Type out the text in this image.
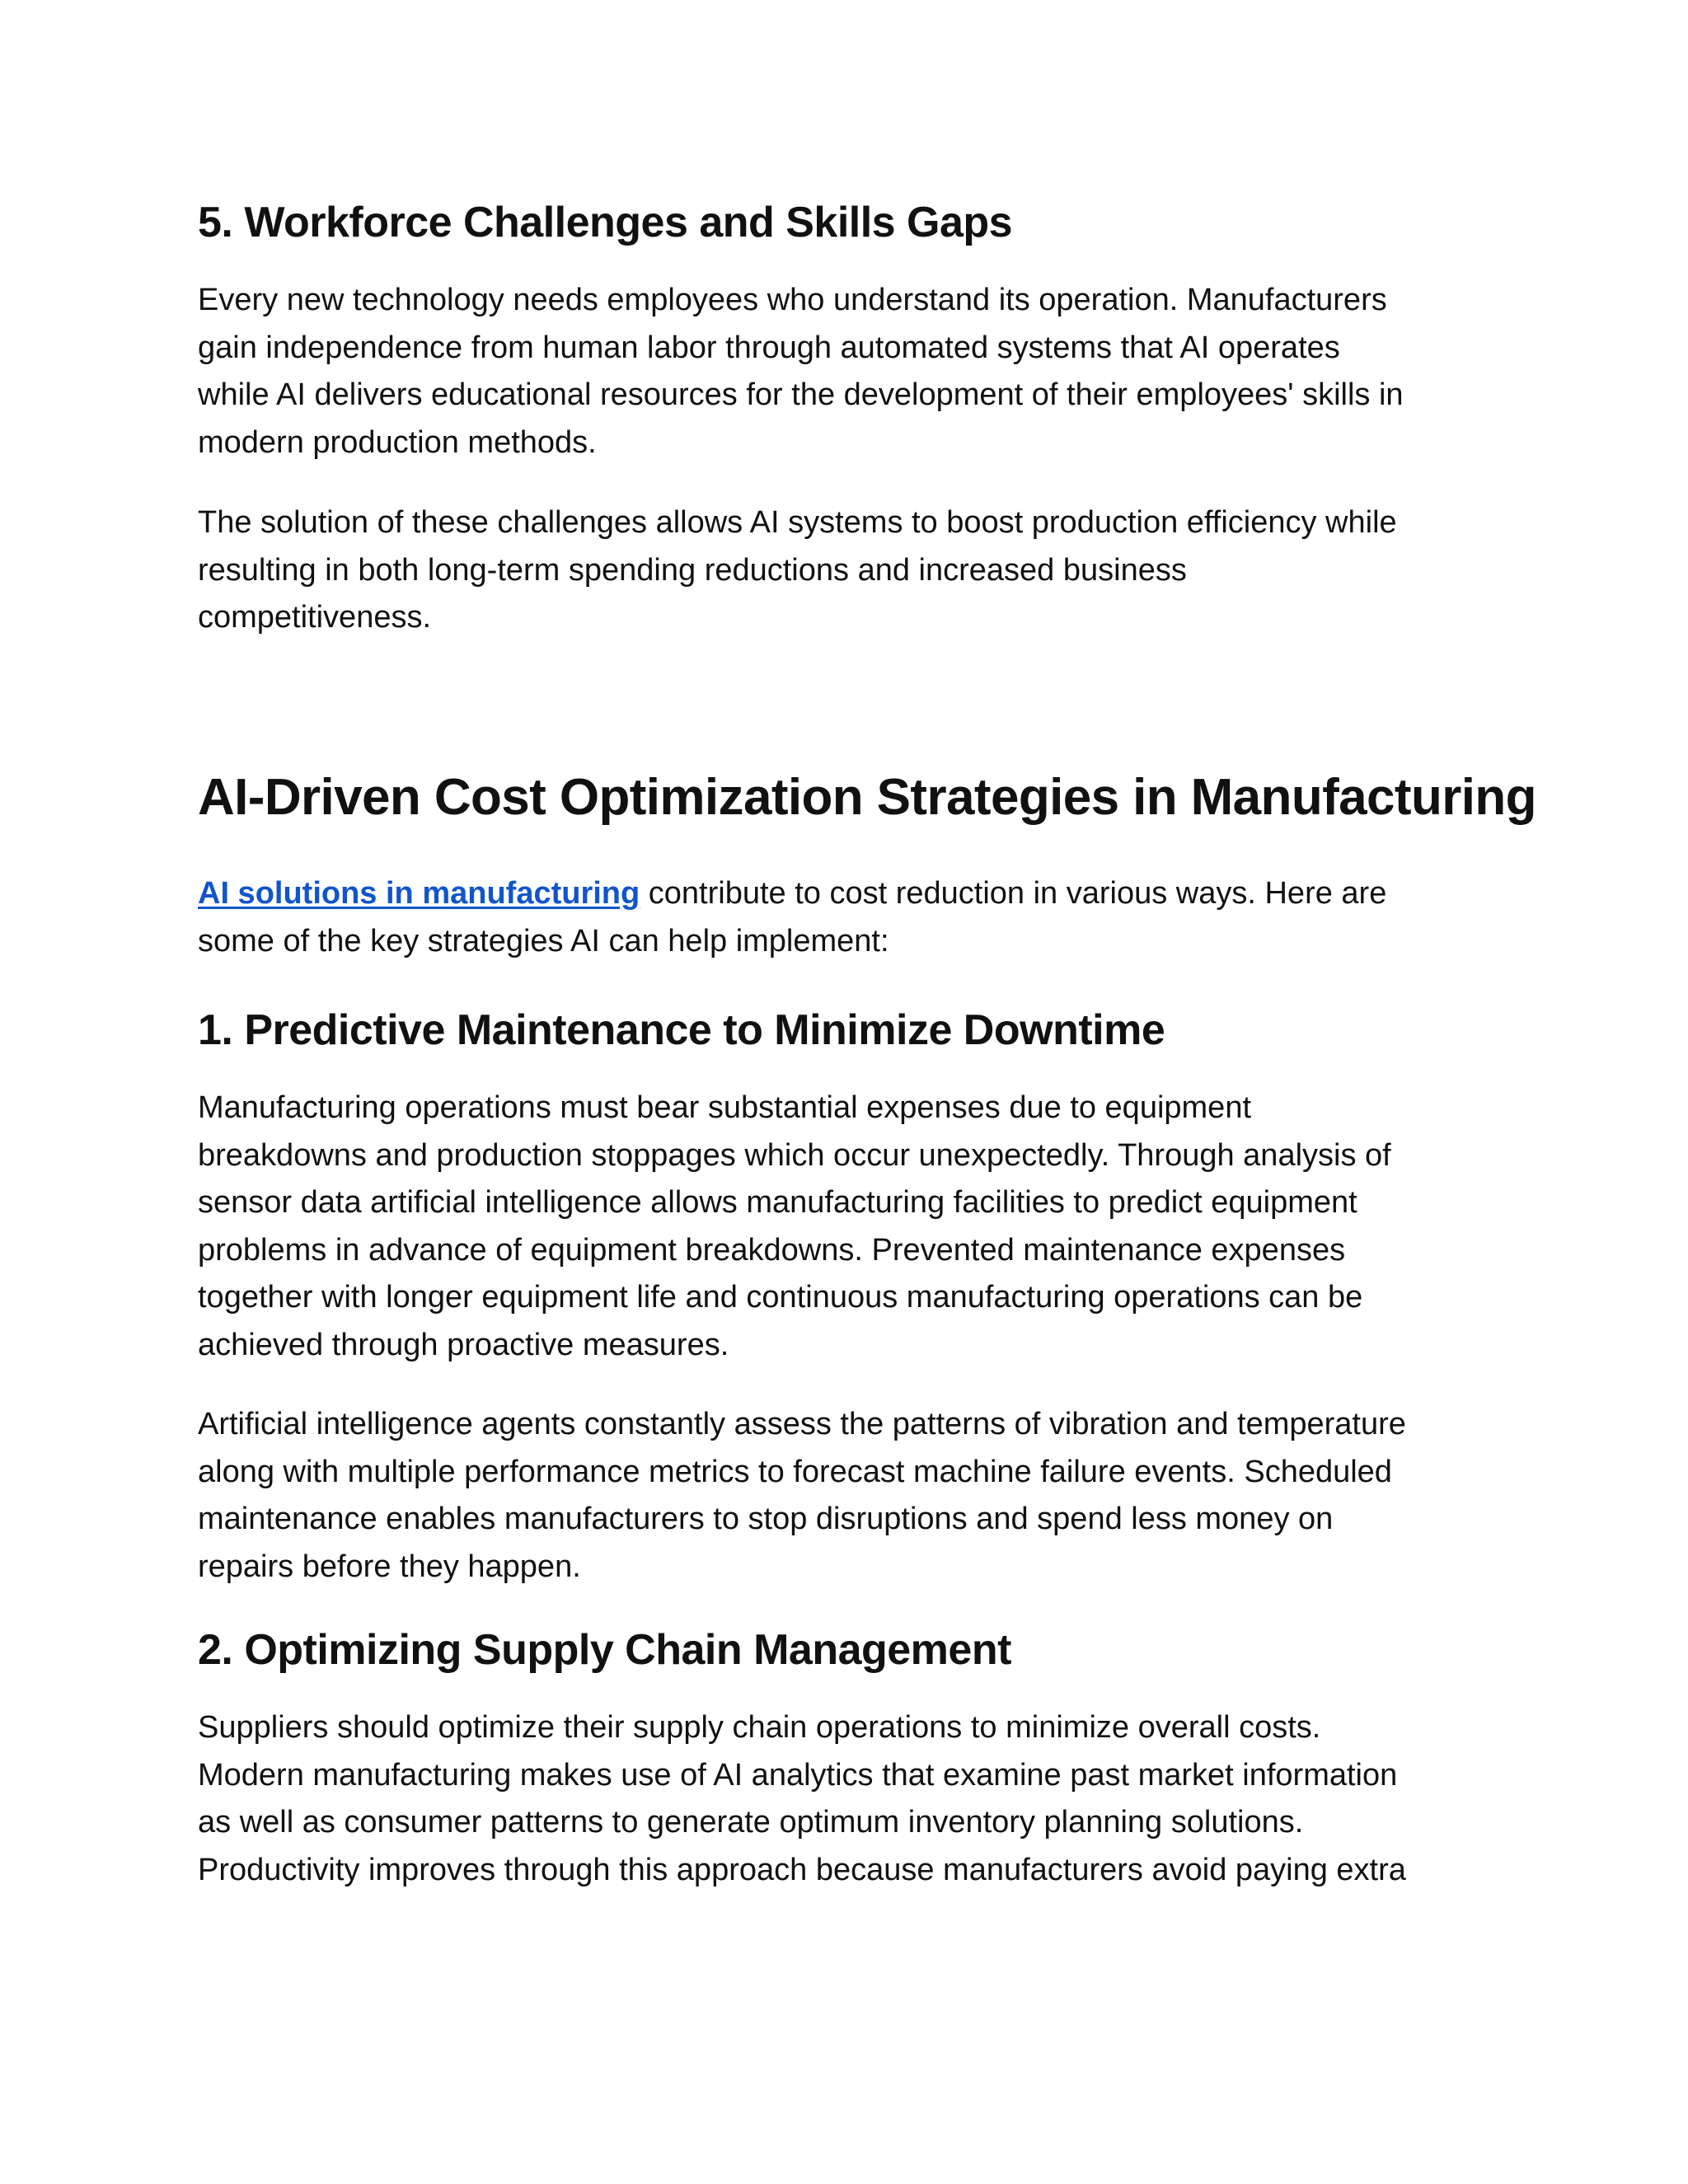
5. Workforce Challenges and Skills Gaps

Every new technology needs employees who understand its operation. Manufacturers
gain independence from human labor through automated systems that AI operates
while AI delivers educational resources for the development of their employees' skills in
modern production methods.

The solution of these challenges allows AI systems to boost production efficiency while
resulting in both long-term spending reductions and increased business
competitiveness.

AI-Driven Cost Optimization Strategies in Manufacturing

AI solutions in manufacturing contribute to cost reduction in various ways. Here are
some of the key strategies AI can help implement:

1. Predictive Maintenance to Minimize Downtime

Manufacturing operations must bear substantial expenses due to equipment
breakdowns and production stoppages which occur unexpectedly. Through analysis of
sensor data artificial intelligence allows manufacturing facilities to predict equipment
problems in advance of equipment breakdowns. Prevented maintenance expenses
together with longer equipment life and continuous manufacturing operations can be
achieved through proactive measures.

Artificial intelligence agents constantly assess the patterns of vibration and temperature
along with multiple performance metrics to forecast machine failure events. Scheduled
maintenance enables manufacturers to stop disruptions and spend less money on
repairs before they happen.

2. Optimizing Supply Chain Management

Suppliers should optimize their supply chain operations to minimize overall costs.
Modern manufacturing makes use of AI analytics that examine past market information
as well as consumer patterns to generate optimum inventory planning solutions.
Productivity improves through this approach because manufacturers avoid paying extra
